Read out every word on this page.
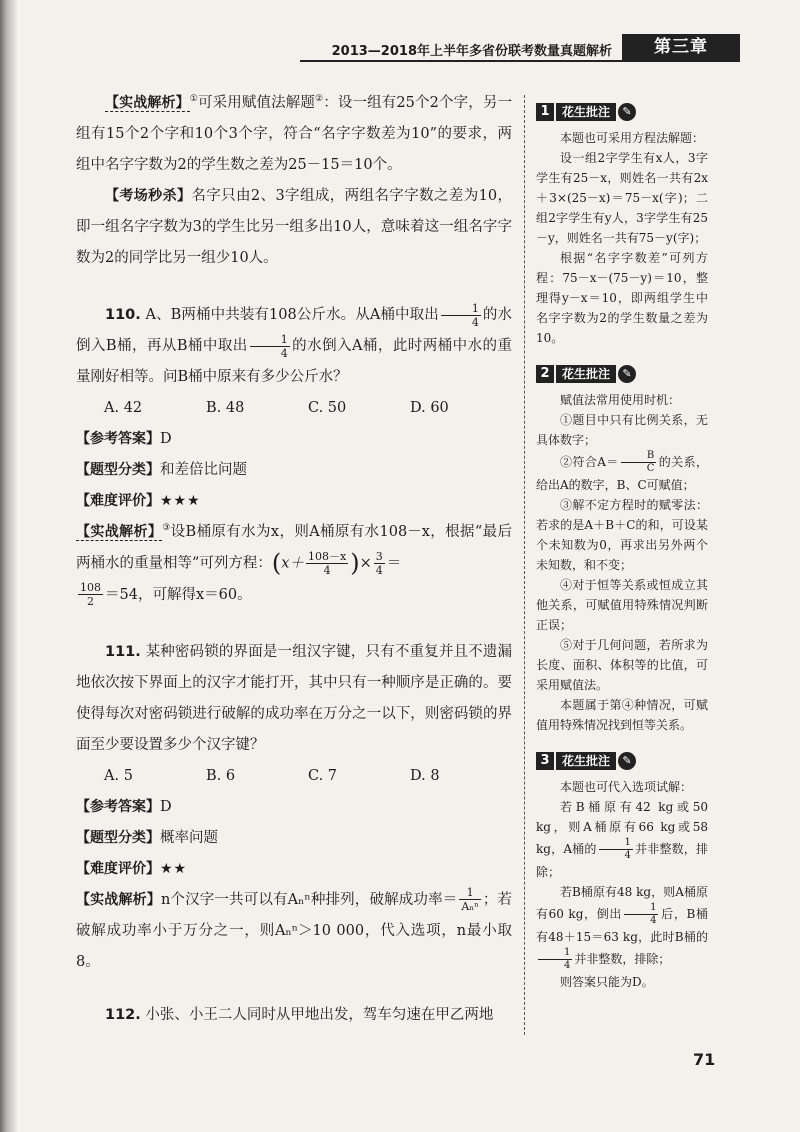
2013—2018年上半年多省份联考数量真题解析	第三章

【实战解析】①可采用赋值法解题②：设一组有25个2个字，另一组有15个2个字和10个3个字，符合“名字字数差为10”的要求，两组中名字字数为2的学生数之差为25－15＝10个。

【考场秒杀】名字只由2、3字组成，两组名字字数之差为10，即一组名字字数为3的学生比另一组多出10人，意味着这一组名字字数为2的同学比另一组少10人。

110. A、B两桶中共装有108公斤水。从A桶中取出 $\frac{1}{4}$ 的水倒入B桶，再从B桶中取出 $\frac{1}{4}$ 的水倒入A桶，此时两桶中水的重量刚好相等。问B桶中原来有多少公斤水？

A. 42	B. 48	C. 50	D. 60

【参考答案】D

【题型分类】和差倍比问题

【难度评价】★★★

【实战解析】③设B桶原有水为x，则A桶原有水108－x，根据“最后两桶水的重量相等”可列方程：($x+ \frac{108-x}{4}$ )× $\frac{3}{4}$ ＝

$\frac{108}{2} =54$，可解得x＝60。

111. 某种密码锁的界面是一组汉字键，只有不重复并且不遗漏地依次按下界面上的汉字才能打开，其中只有一种顺序是正确的。要使得每次对密码锁进行破解的成功率在万分之一以下，则密码锁的界面至少要设置多少个汉字键？

A. 5	B. 6	C. 7	D. 8

【参考答案】D

【题型分类】概率问题

【难度评价】★★

【实战解析】n个汉字一共可以有Aₙⁿ种排列，破解成功率＝ $\frac{1}{\text{Aₙⁿ}}$ ；若破解成功率小于万分之一，则Aₙⁿ＞10 000，代入选项，n最小取8。

112. 小张、小王二人同时从甲地出发，驾车匀速在甲乙两地

1	花生批注	✎

本题也可采用方程法解题：

设一组2字学生有x人，3字学生有25－x，则姓名一共有2x＋3×(25－x)＝75－x(字)；二组2字学生有y人，3字学生有25－y，则姓名一共有75－y(字)；

根据“名字字数差”可列方程：75－x－(75－y)＝10，整理得y－x＝10，即两组学生中名字字数为2的学生数量之差为10。

2	花生批注	✎

赋值法常用使用时机：

①题目中只有比例关系，无具体数字；

②符合$A= \frac{B}{C}$ 的关系，给出A的数字，B、C可赋值；

③解不定方程时的赋零法：若求的是A＋B＋C的和，可设某个未知数为0，再求出另外两个未知数，和不变；

④对于恒等关系或恒成立其他关系，可赋值用特殊情况判断正误；

⑤对于几何问题，若所求为长度、面积、体积等的比值，可采用赋值法。

本题属于第④种情况，可赋值用特殊情况找到恒等关系。

3	花生批注	✎

本题也可代入选项试解：

若B桶原有42 kg或50 kg，则A桶原有66 kg或58 kg，A桶的 $\frac{1}{4}$ 并非整数，排除；

若B桶原有48 kg，则A桶原有60 kg，倒出 $\frac{1}{4}$ 后，B桶有48＋15＝63 kg，此时B桶的
$\frac{1}{4}$ 并非整数，排除；

则答案只能为D。

71
